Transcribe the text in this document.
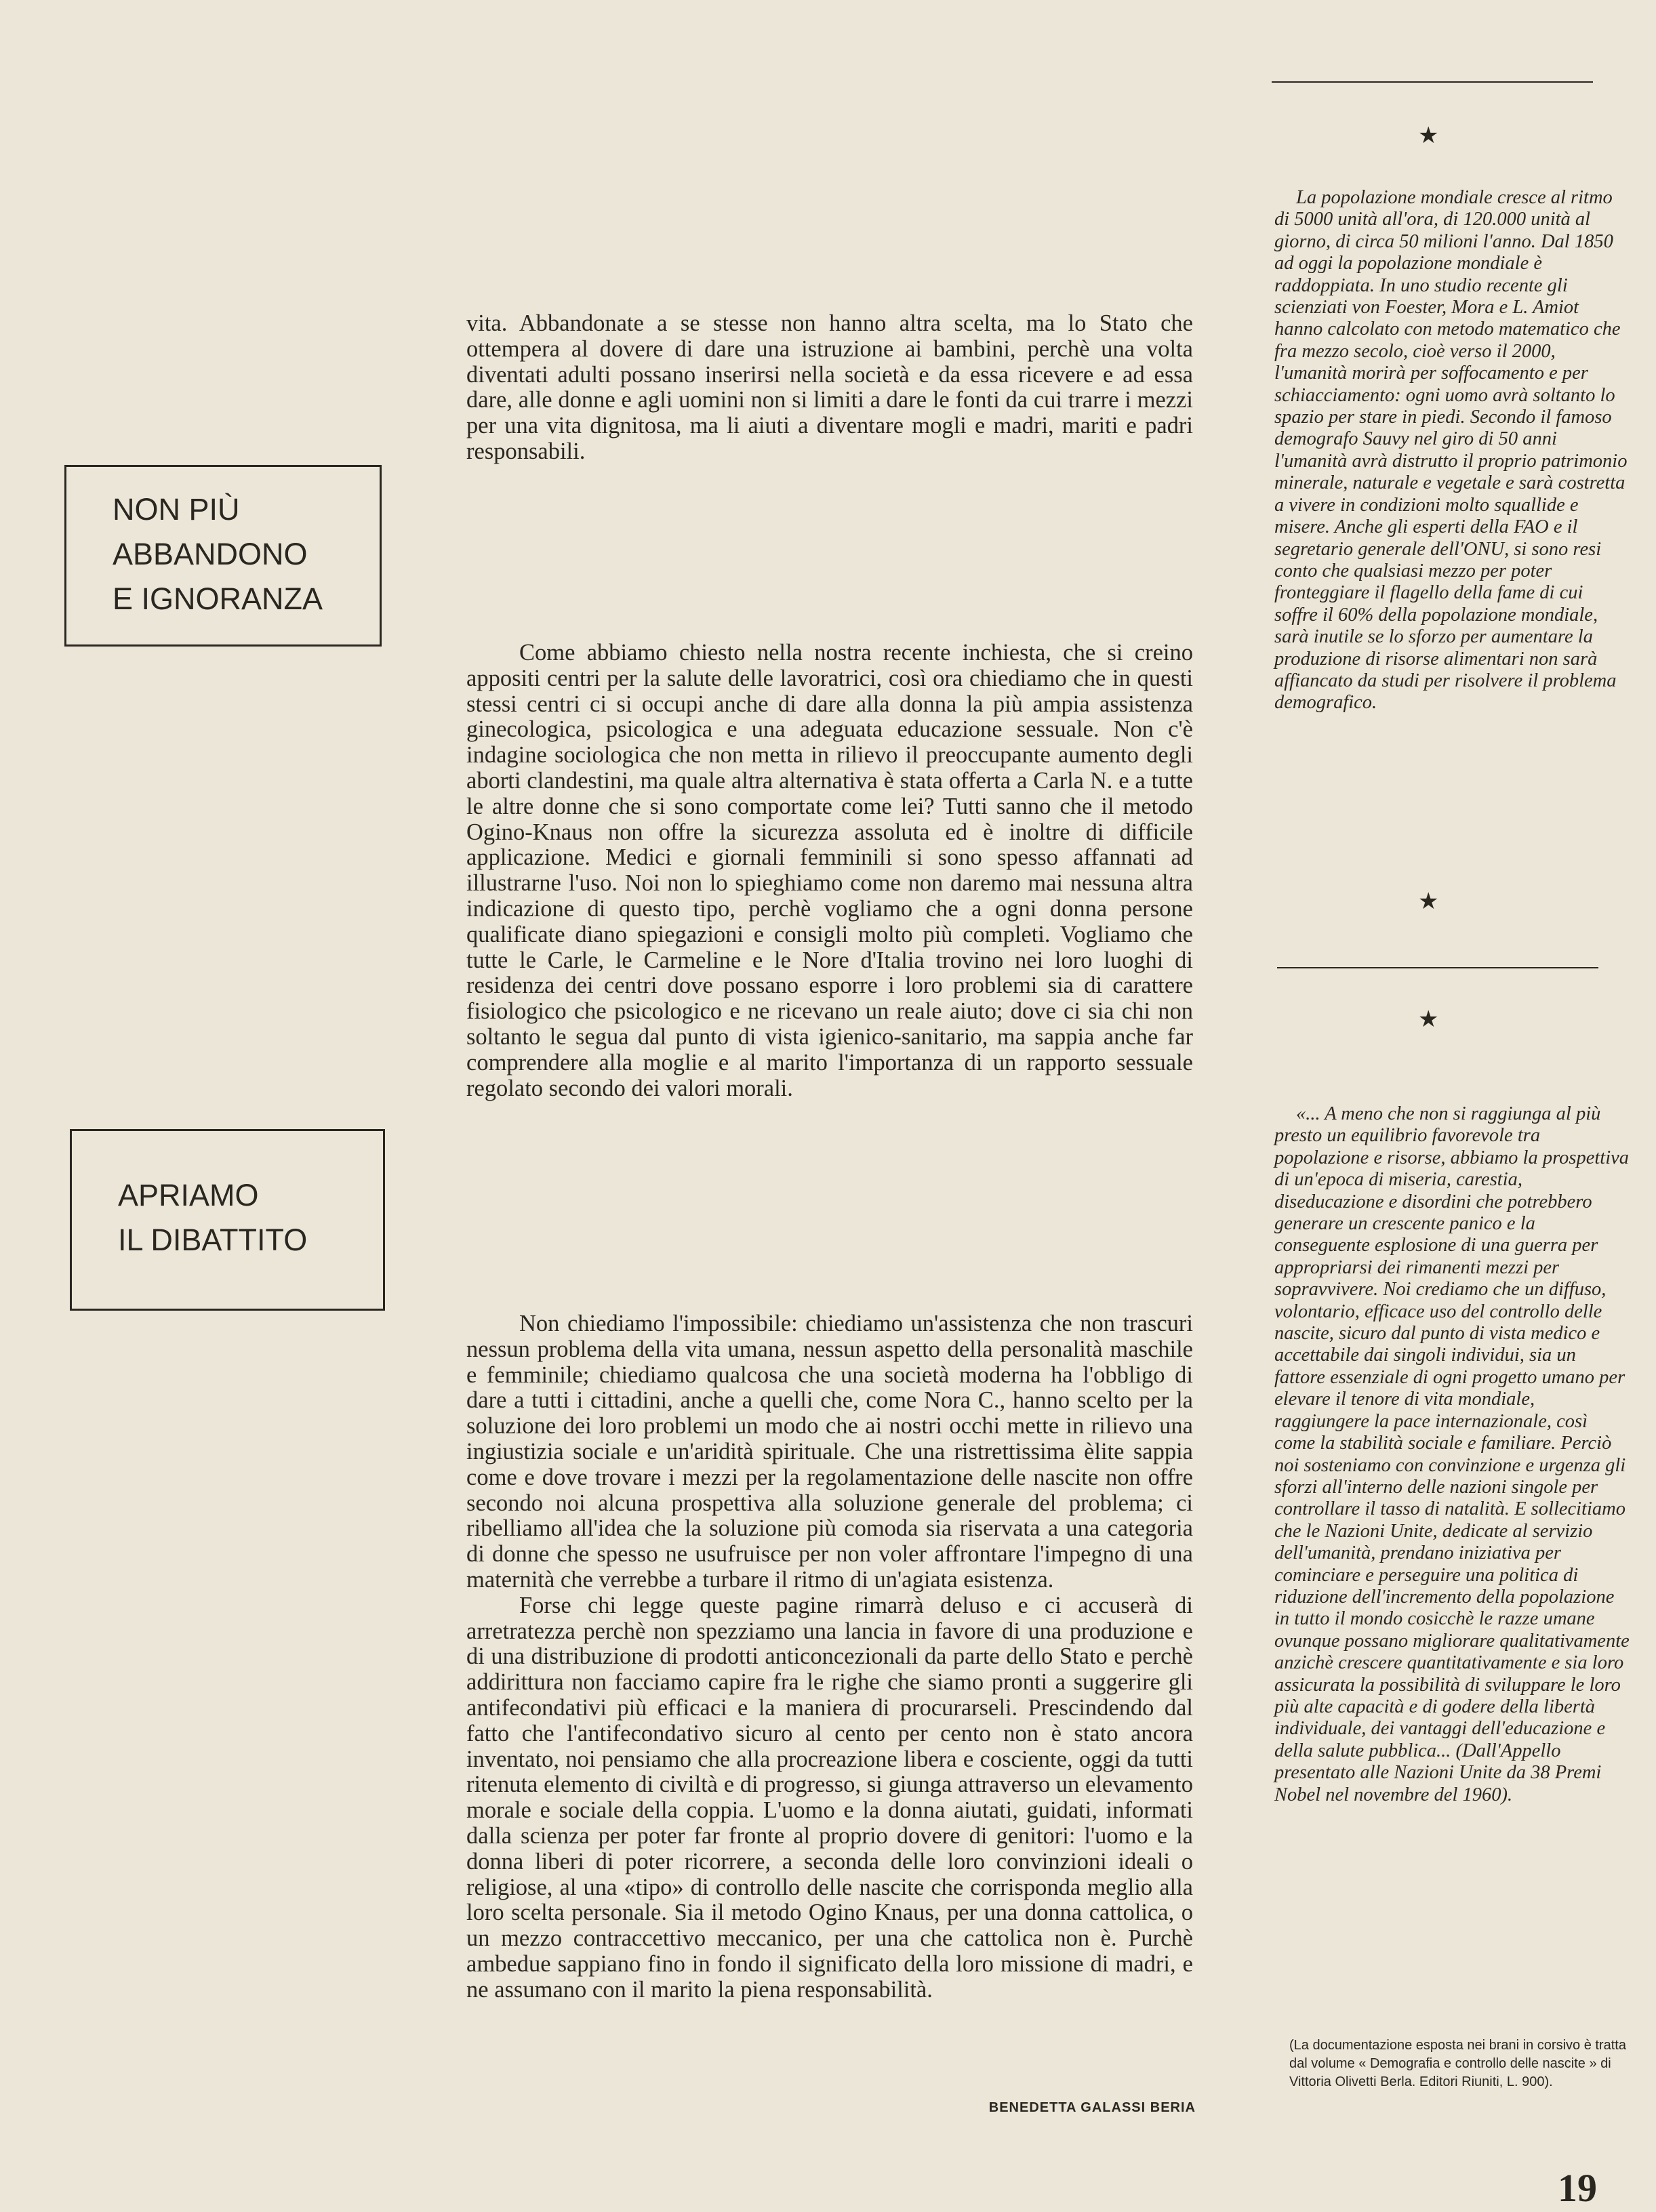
NON PIÙ
ABBANDONO
E IGNORANZA
APRIAMO
IL DIBATTITO

vita. Abbandonate a se stesse non hanno altra scelta, ma lo Stato che ottempera al dovere di dare una istruzione ai bambini, perchè una volta diventati adulti possano inserirsi nella società e da essa ricevere e ad essa dare, alle donne e agli uomini non si limiti a dare le fonti da cui trarre i mezzi per una vita dignitosa, ma li aiuti a diventare mogli e madri, mariti e padri responsabili.

Come abbiamo chiesto nella nostra recente inchiesta, che si creino appositi centri per la salute delle lavoratrici, così ora chiediamo che in questi stessi centri ci si occupi anche di dare alla donna la più ampia assistenza ginecologica, psicologica e una adeguata educazione sessuale. Non c'è indagine sociologica che non metta in rilievo il preoccupante aumento degli aborti clandestini, ma quale altra alternativa è stata offerta a Carla N. e a tutte le altre donne che si sono comportate come lei? Tutti sanno che il metodo Ogino-Knaus non offre la sicurezza assoluta ed è inoltre di difficile applicazione. Medici e giornali femminili si sono spesso affannati ad illustrarne l'uso. Noi non lo spieghiamo come non daremo mai nessuna altra indicazione di questo tipo, perchè vogliamo che a ogni donna persone qualificate diano spiegazioni e consigli molto più completi. Vogliamo che tutte le Carle, le Carmeline e le Nore d'Italia trovino nei loro luoghi di residenza dei centri dove possano esporre i loro problemi sia di carattere fisiologico che psicologico e ne ricevano un reale aiuto; dove ci sia chi non soltanto le segua dal punto di vista igienico-sanitario, ma sappia anche far comprendere alla moglie e al marito l'importanza di un rapporto sessuale regolato secondo dei valori morali.

Non chiediamo l'impossibile: chiediamo un'assistenza che non trascuri nessun problema della vita umana, nessun aspetto della personalità maschile e femminile; chiediamo qualcosa che una società moderna ha l'obbligo di dare a tutti i cittadini, anche a quelli che, come Nora C., hanno scelto per la soluzione dei loro problemi un modo che ai nostri occhi mette in rilievo una ingiustizia sociale e un'aridità spirituale. Che una ristrettissima èlite sappia come e dove trovare i mezzi per la regolamentazione delle nascite non offre secondo noi alcuna prospettiva alla soluzione generale del problema; ci ribelliamo all'idea che la soluzione più comoda sia riservata a una categoria di donne che spesso ne usufruisce per non voler affrontare l'impegno di una maternità che verrebbe a turbare il ritmo di un'agiata esistenza.

Forse chi legge queste pagine rimarrà deluso e ci accuserà di arretratezza perchè non spezziamo una lancia in favore di una produzione e di una distribuzione di prodotti anticoncezionali da parte dello Stato e perchè addirittura non facciamo capire fra le righe che siamo pronti a suggerire gli antifecondativi più efficaci e la maniera di procurarseli. Prescindendo dal fatto che l'antifecondativo sicuro al cento per cento non è stato ancora inventato, noi pensiamo che alla procreazione libera e cosciente, oggi da tutti ritenuta elemento di civiltà e di progresso, si giunga attraverso un elevamento morale e sociale della coppia. L'uomo e la donna aiutati, guidati, informati dalla scienza per poter far fronte al proprio dovere di genitori: l'uomo e la donna liberi di poter ricorrere, a seconda delle loro convinzioni ideali o religiose, al una «tipo» di controllo delle nascite che corrisponda meglio alla loro scelta personale. Sia il metodo Ogino Knaus, per una donna cattolica, o un mezzo contraccettivo meccanico, per una che cattolica non è. Purchè ambedue sappiano fino in fondo il significato della loro missione di madri, e ne assumano con il marito la piena responsabilità.

BENEDETTA GALASSI BERIA
★

La popolazione mondiale cresce al ritmo di 5000 unità all'ora, di 120.000 unità al giorno, di circa 50 milioni l'anno. Dal 1850 ad oggi la popolazione mondiale è raddoppiata. In uno studio recente gli scienziati von Foester, Mora e L. Amiot hanno calcolato con metodo matematico che fra mezzo secolo, cioè verso il 2000, l'umanità morirà per soffocamento e per schiacciamento: ogni uomo avrà soltanto lo spazio per stare in piedi. Secondo il famoso demografo Sauvy nel giro di 50 anni l'umanità avrà distrutto il proprio patrimonio minerale, naturale e vegetale e sarà costretta a vivere in condizioni molto squallide e misere. Anche gli esperti della FAO e il segretario generale dell'ONU, si sono resi conto che qualsiasi mezzo per poter fronteggiare il flagello della fame di cui soffre il 60% della popolazione mondiale, sarà inutile se lo sforzo per aumentare la produzione di risorse alimentari non sarà affiancato da studi per risolvere il problema demografico.

★
★

«... A meno che non si raggiunga al più presto un equilibrio favorevole tra popolazione e risorse, abbiamo la prospettiva di un'epoca di miseria, carestia, diseducazione e disordini che potrebbero generare un crescente panico e la conseguente esplosione di una guerra per appropriarsi dei rimanenti mezzi per sopravvivere. Noi crediamo che un diffuso, volontario, efficace uso del controllo delle nascite, sicuro dal punto di vista medico e accettabile dai singoli individui, sia un fattore essenziale di ogni progetto umano per elevare il tenore di vita mondiale, raggiungere la pace internazionale, così come la stabilità sociale e familiare. Perciò noi sosteniamo con convinzione e urgenza gli sforzi all'interno delle nazioni singole per controllare il tasso di natalità. E sollecitiamo che le Nazioni Unite, dedicate al servizio dell'umanità, prendano iniziativa per cominciare e perseguire una politica di riduzione dell'incremento della popolazione in tutto il mondo cosicchè le razze umane ovunque possano migliorare qualitativamente anzichè crescere quantitativamente e sia loro assicurata la possibilità di sviluppare le loro più alte capacità e di godere della libertà individuale, dei vantaggi dell'educazione e della salute pubblica... (Dall'Appello presentato alle Nazioni Unite da 38 Premi Nobel nel novembre del 1960).

(La documentazione esposta nei brani in corsivo è tratta dal volume « Demografia e controllo delle nascite » di Vittoria Olivetti Berla. Editori Riuniti, L. 900).
19
